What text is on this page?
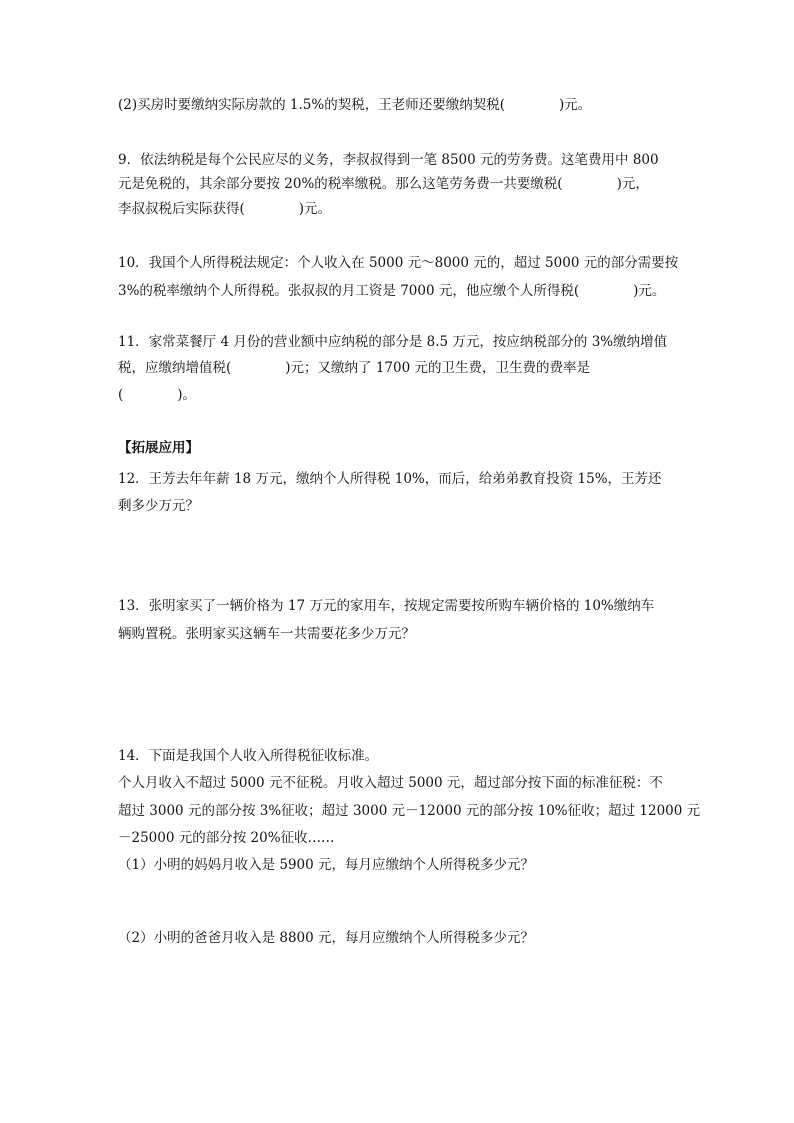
(2)买房时要缴纳实际房款的 1.5%的契税，王老师还要缴纳契税(　　　　)元。
9．依法纳税是每个公民应尽的义务，李叔叔得到一笔 8500 元的劳务费。这笔费用中 800
元是免税的，其余部分要按 20%的税率缴税。那么这笔劳务费一共要缴税(　　　　)元，
李叔叔税后实际获得(　　　　)元。
10．我国个人所得税法规定：个人收入在 5000 元～8000 元的，超过 5000 元的部分需要按
3%的税率缴纳个人所得税。张叔叔的月工资是 7000 元，他应缴个人所得税(　　　　)元。
11．家常菜餐厅 4 月份的营业额中应纳税的部分是 8.5 万元，按应纳税部分的 3%缴纳增值
税，应缴纳增值税(　　　　)元；又缴纳了 1700 元的卫生费，卫生费的费率是
(　　　　)。
【拓展应用】
12．王芳去年年薪 18 万元，缴纳个人所得税 10%，而后，给弟弟教育投资 15%，王芳还
剩多少万元？
13．张明家买了一辆价格为 17 万元的家用车，按规定需要按所购车辆价格的 10%缴纳车
辆购置税。张明家买这辆车一共需要花多少万元？
14．下面是我国个人收入所得税征收标准。
个人月收入不超过 5000 元不征税。月收入超过 5000 元，超过部分按下面的标准征税：不
超过 3000 元的部分按 3%征收；超过 3000 元－12000 元的部分按 10%征收；超过 12000 元
－25000 元的部分按 20%征收……
（1）小明的妈妈月收入是 5900 元，每月应缴纳个人所得税多少元？
（2）小明的爸爸月收入是 8800 元，每月应缴纳个人所得税多少元？
